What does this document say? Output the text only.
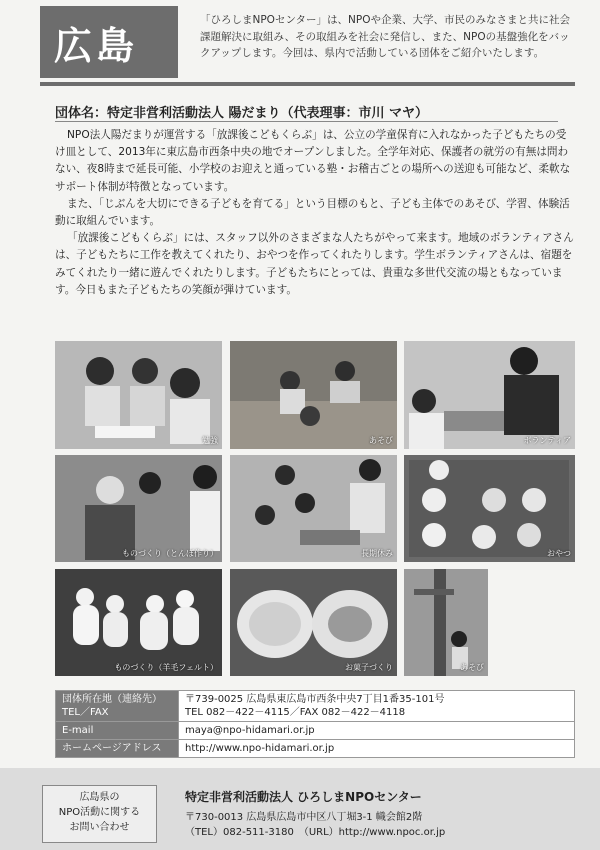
広島
「ひろしまNPOセンター」は、NPOや企業、大学、市民のみなさまと共に社会課題解決に取組み、その取組みを社会に発信し、また、NPOの基盤強化をバックアップします。今回は、県内で活動している団体をご紹介いたします。
団体名：特定非営利活動法人 陽だまり（代表理事：市川 マヤ）

NPO法人陽だまりが運営する「放課後こどもくらぶ」は、公立の学童保育に入れなかった子どもたちの受け皿として、2013年に東広島市西条中央の地でオープンしました。全学年対応、保護者の就労の有無は問わない、夜8時まで延長可能、小学校のお迎えと通っている塾・お稽古ごとの場所への送迎も可能など、柔軟なサポート体制が特徴となっています。

また、「じぶんを大切にできる子どもを育てる」という目標のもと、子ども主体でのあそび、学習、体験活動に取組んでいます。

「放課後こどもくらぶ」には、スタッフ以外のさまざまな人たちがやって来ます。地域のボランティアさんは、子どもたちに工作を教えてくれたり、おやつを作ってくれたりします。学生ボランティアさんは、宿題をみてくれたり一緒に遊んでくれたりします。子どもたちにとっては、貴重な多世代交流の場ともなっています。今日もまた子どもたちの笑顔が弾けています。

勉強	あそび	ボランティア
ものづくり（とんぼ作り）	長期休み	おやつ
ものづくり（羊毛フェルト）	お菓子づくり	あそび
団体所在地（連絡先）
TEL／FAX	〒739-0025 広島県東広島市西条中央7丁目1番35-101号
TEL 082－422－4115／FAX 082－422－4118
E-mail	maya@npo-hidamari.or.jp
ホームページアドレス	http://www.npo-hidamari.or.jp
広島県の
NPO活動に関する
お問い合わせ
特定非営利活動法人 ひろしまNPOセンター
〒730-0013 広島県広島市中区八丁堀3-1 幟会館2階
（TEL）082-511-3180　（URL）http://www.npoc.or.jp
